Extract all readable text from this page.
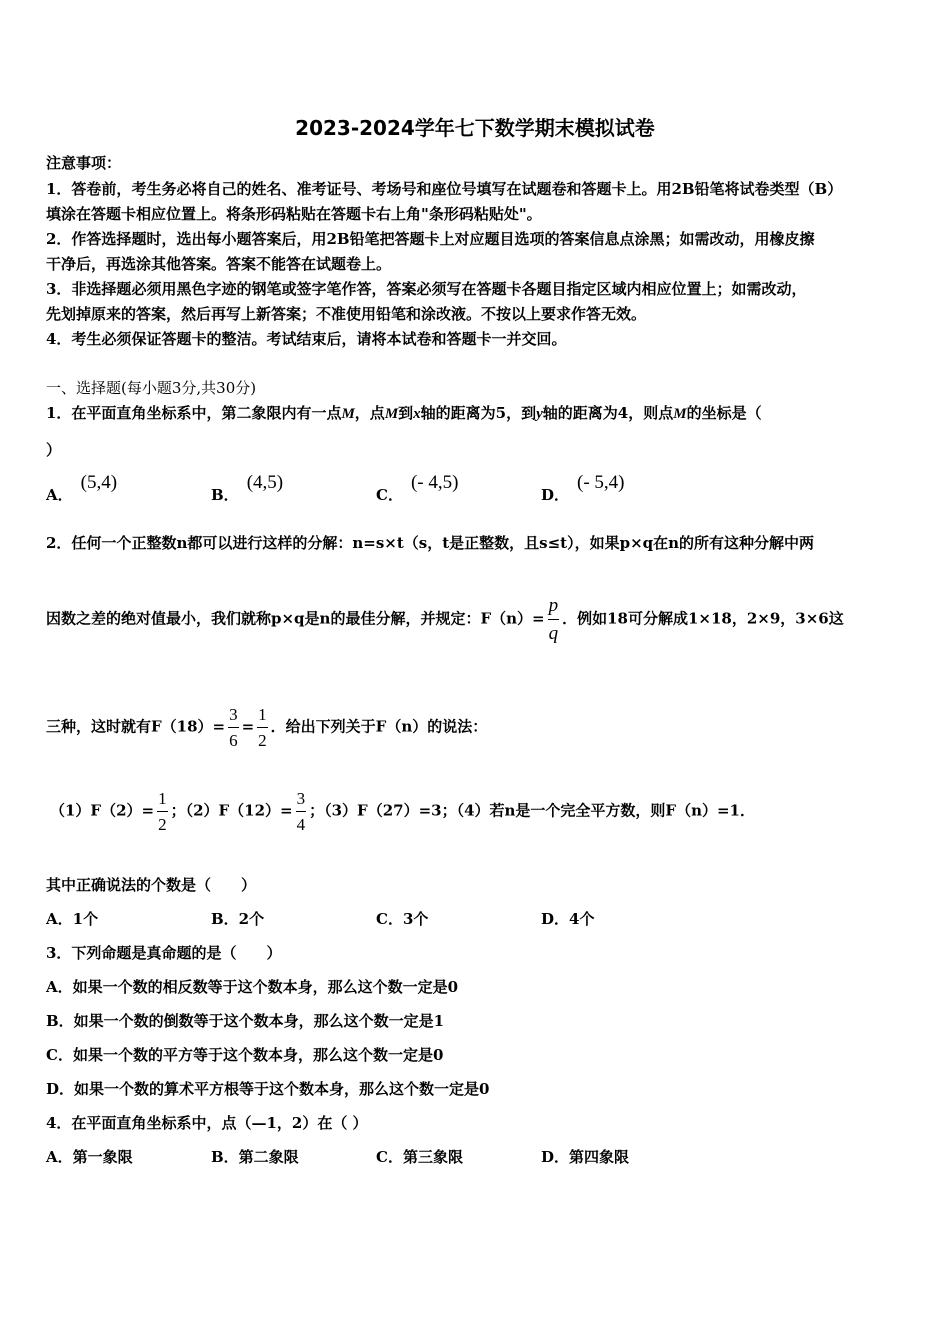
2023-2024学年七下数学期末模拟试卷
注意事项：
1．答卷前，考生务必将自己的姓名、准考证号、考场号和座位号填写在试题卷和答题卡上。用2B铅笔将试卷类型（B）
填涂在答题卡相应位置上。将条形码粘贴在答题卡右上角"条形码粘贴处"。
2．作答选择题时，选出每小题答案后，用2B铅笔把答题卡上对应题目选项的答案信息点涂黑；如需改动，用橡皮擦
干净后，再选涂其他答案。答案不能答在试题卷上。
3．非选择题必须用黑色字迹的钢笔或签字笔作答，答案必须写在答题卡各题目指定区域内相应位置上；如需改动，
先划掉原来的答案，然后再写上新答案；不准使用铅笔和涂改液。不按以上要求作答无效。
4．考生必须保证答题卡的整洁。考试结束后，请将本试卷和答题卡一并交回。
一、选择题(每小题3分,共30分)
1．在平面直角坐标系中，第二象限内有一点M，点M到x轴的距离为5，到y轴的距离为4，则点M的坐标是（
）
A．(5,4)
B．(4,5)
C．(- 4,5)
D．(- 5,4)
2．任何一个正整数n都可以进行这样的分解：n=s×t（s，t是正整数，且s≤t），如果p×q在n的所有这种分解中两
因数之差的绝对值最小，我们就称p×q是n的最佳分解，并规定：$F(n)= \frac{p}{q}$ ．例如18可分解成1×18，2×9，3×6这
三种，这时就有$F(18)= \frac{3}{6} = \frac{1}{2}$ ．给出下列关于F（n）的说法：
$(1)F(2)= \frac{1}{2}$ ；$(2)F(12)= \frac{3}{4}$ ；（3）F（27）=3；（4）若n是一个完全平方数，则F（n）=1．
其中正确说法的个数是（　　）
A．1个	B．2个	C．3个	D．4个
3．下列命题是真命题的是（　　）
A．如果一个数的相反数等于这个数本身，那么这个数一定是0
B．如果一个数的倒数等于这个数本身，那么这个数一定是1
C．如果一个数的平方等于这个数本身，那么这个数一定是0
D．如果一个数的算术平方根等于这个数本身，那么这个数一定是0
4．在平面直角坐标系中，点（—1，2）在（ ）
A．第一象限	B．第二象限	C．第三象限	D．第四象限
